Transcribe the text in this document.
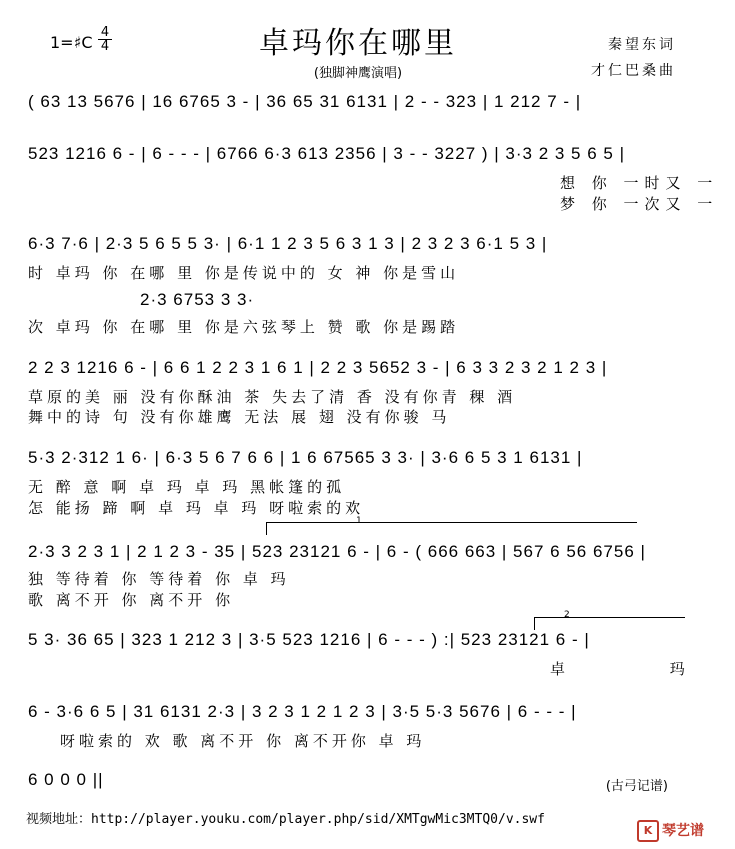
1=♯C $\frac{4}{4}$	卓玛你在哪里
(独脚神鹰演唱)
秦望东词
才仁巴桑曲
( 63 13 5676 | 16 6765 3 - | 36 65 31 6131 | 2 - - 323 | 1 212 7 - |
523 1216 6 - | 6 - - - | 6766 6·3 613 2356 | 3 - - 3227 ) | 3·3 2 3 5 6 5 |
想 你 一时又 一
梦 你 一次又 一
6·3 7·6 | 2·3 5 6 5 5 3· | 6·1 1 2 3 5 6 3 1 3 | 2 3 2 3 6·1 5 3 |
时 卓玛 你 在哪 里 你是传说中的 女 神 你是雪山
2·3 6753 3 3·
次 卓玛 你 在哪 里 你是六弦琴上 赞 歌 你是踢踏
2 2 3 1216 6 - | 6 6 1 2 2 3 1 6 1 | 2 2 3 5652 3 - | 6 3 3 2 3 2 1 2 3 |
草原的美 丽 没有你酥油 茶 失去了清 香 没有你青 稞 酒
舞中的诗 句 没有你雄鹰 无法 展 翅 没有你骏 马
5·3 2·312 1 6· | 6·3 5 6 7 6 6 | 1 6 67565 3 3· | 3·6 6 5 3 1 6131 |
无 醉 意 啊 卓 玛 卓 玛 黑帐篷的孤
怎 能扬 蹄 啊 卓 玛 卓 玛 呀啦索的欢
1
2·3 3 2 3 1 | 2 1 2 3 - 35 | 523 23121 6 - | 6 - ( 666 663 | 567 6 56 6756 |
独 等待着 你 等待着 你 卓 玛
歌 离不开 你 离不开 你
2
5 3· 36 65 | 323 1 212 3 | 3·5 523 1216 | 6 - - - ) :| 523 23121 6 - |
卓 玛
6 - 3·6 6 5 | 31 6131 2·3 | 3 2 3 1 2 1 2 3 | 3·5 5·3 5676 | 6 - - - |
呀啦索的 欢 歌 离不开 你 离不开你 卓 玛
6 0 0 0 ||	(古弓记谱)
视频地址：http://player.youku.com/player.php/sid/XMTgwMic3MTQ0/v.swf
K 琴艺谱
